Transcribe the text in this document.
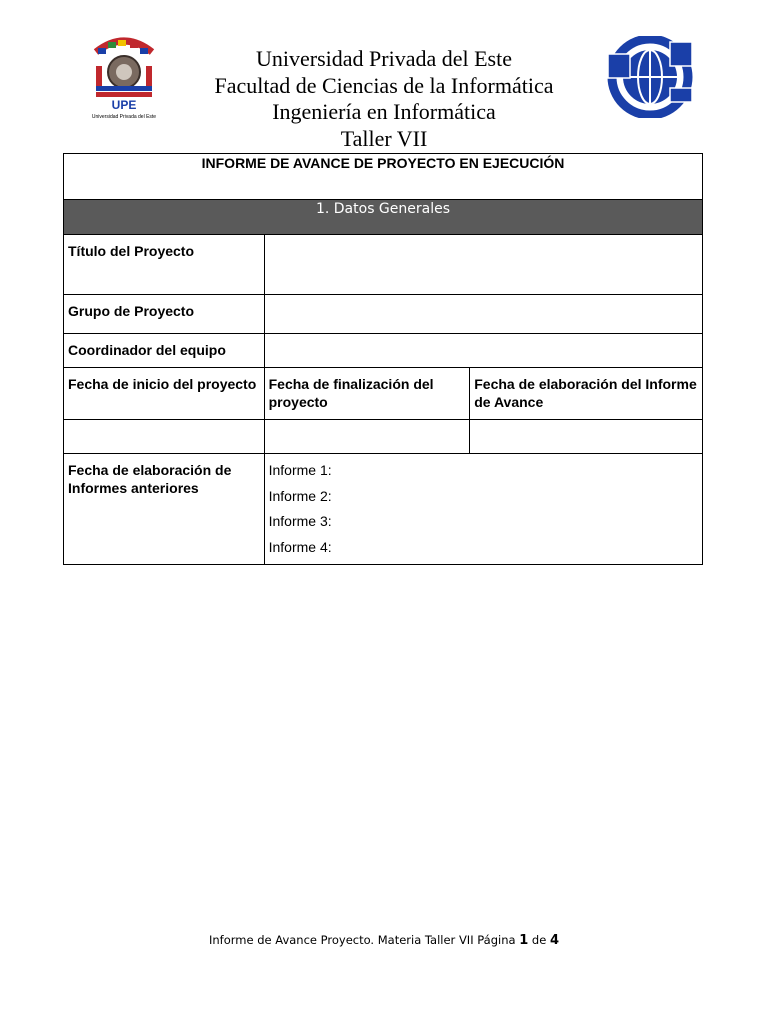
UPE
Universidad Privada del Este
Universidad Privada del Este
Facultad de Ciencias de la Informática
Ingeniería en Informática
Taller VII
INFORME DE AVANCE DE PROYECTO EN EJECUCIÓN		
1. Datos Generales		
Título del Proyecto		
Grupo de Proyecto		
Coordinador del equipo		
Fecha de inicio del proyecto	Fecha de finalización del proyecto	Fecha de elaboración del Informe de Avance

Fecha de elaboración de Informes anteriores	Informe 1:
Informe 2:
Informe 3:
Informe 4:	
Informe de Avance Proyecto. Materia Taller VII Página 1 de 4
